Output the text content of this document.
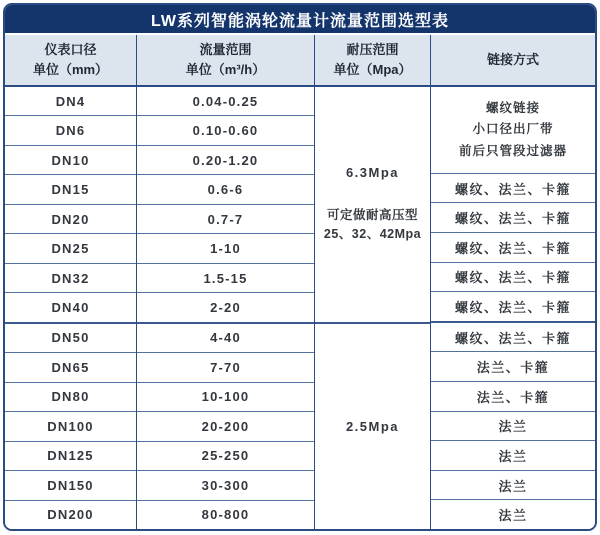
LW系列智能涡轮流量计流量范围选型表
仪表口径
单位（mm）
DN4
DN6
DN10
DN15
DN20
DN25
DN32
DN40
DN50
DN65
DN80
DN100
DN125
DN150
DN200
流量范围
单位（m³/h）
0.04-0.25
0.10-0.60
0.20-1.20
0.6-6
0.7-7
1-10
1.5-15
2-20
4-40
7-70
10-100
20-200
25-250
30-300
80-800
耐压范围
单位（Mpa）
6.3Mpa
可定做耐高压型
25、32、42Mpa
2.5Mpa
链接方式
螺纹链接
小口径出厂带
前后只管段过滤器
螺纹、法兰、卡箍
螺纹、法兰、卡箍
螺纹、法兰、卡箍
螺纹、法兰、卡箍
螺纹、法兰、卡箍
螺纹、法兰、卡箍
法兰、卡箍
法兰、卡箍
法兰
法兰
法兰
法兰
